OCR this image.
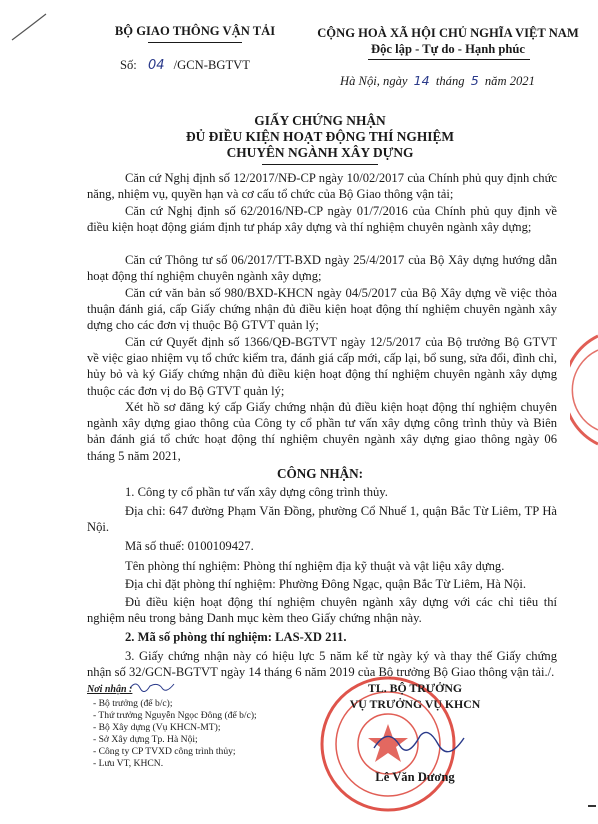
BỘ GIAO THÔNG VẬN TẢI
Số: 04 /GCN-BGTVT
CỘNG HOÀ XÃ HỘI CHỦ NGHĨA VIỆT NAM
Độc lập - Tự do - Hạnh phúc
Hà Nội, ngày 14 tháng 5 năm 2021
GIẤY CHỨNG NHẬN
ĐỦ ĐIỀU KIỆN HOẠT ĐỘNG THÍ NGHIỆM
CHUYÊN NGÀNH XÂY DỰNG
Căn cứ Nghị định số 12/2017/NĐ-CP ngày 10/02/2017 của Chính phủ quy định chức năng, nhiệm vụ, quyền hạn và cơ cấu tổ chức của Bộ Giao thông vận tải;
Căn cứ Nghị định số 62/2016/NĐ-CP ngày 01/7/2016 của Chính phủ quy định về điều kiện hoạt động giám định tư pháp xây dựng và thí nghiệm chuyên ngành xây dựng;
Căn cứ Thông tư số 06/2017/TT-BXD ngày 25/4/2017 của Bộ Xây dựng hướng dẫn hoạt động thí nghiệm chuyên ngành xây dựng;
Căn cứ văn bản số 980/BXD-KHCN ngày 04/5/2017 của Bộ Xây dựng về việc thỏa thuận đánh giá, cấp Giấy chứng nhận đủ điều kiện hoạt động thí nghiệm chuyên ngành xây dựng cho các đơn vị thuộc Bộ GTVT quản lý;
Căn cứ Quyết định số 1366/QĐ-BGTVT ngày 12/5/2017 của Bộ trưởng Bộ GTVT về việc giao nhiệm vụ tổ chức kiểm tra, đánh giá cấp mới, cấp lại, bổ sung, sửa đổi, đình chỉ, hủy bỏ và ký Giấy chứng nhận đủ điều kiện hoạt động thí nghiệm chuyên ngành xây dựng thuộc các đơn vị do Bộ GTVT quản lý;
Xét hồ sơ đăng ký cấp Giấy chứng nhận đủ điều kiện hoạt động thí nghiệm chuyên ngành xây dựng giao thông của Công ty cổ phần tư vấn xây dựng công trình thủy và Biên bản đánh giá tổ chức hoạt động thí nghiệm chuyên ngành xây dựng giao thông ngày 06 tháng 5 năm 2021,
CÔNG NHẬN:
1. Công ty cổ phần tư vấn xây dựng công trình thủy.
Địa chỉ: 647 đường Phạm Văn Đồng, phường Cổ Nhuế 1, quận Bắc Từ Liêm, TP Hà Nội.
Mã số thuế: 0100109427.
Tên phòng thí nghiệm: Phòng thí nghiệm địa kỹ thuật và vật liệu xây dựng.
Địa chỉ đặt phòng thí nghiệm: Phường Đông Ngạc, quận Bắc Từ Liêm, Hà Nội.
Đủ điều kiện hoạt động thí nghiệm chuyên ngành xây dựng với các chỉ tiêu thí nghiệm nêu trong bảng Danh mục kèm theo Giấy chứng nhận này.
2. Mã số phòng thí nghiệm: LAS-XD 211.
3. Giấy chứng nhận này có hiệu lực 5 năm kể từ ngày ký và thay thế Giấy chứng nhận số 32/GCN-BGTVT ngày 14 tháng 6 năm 2019 của Bộ trưởng Bộ Giao thông vận tải./.
Nơi nhận :
- Bộ trưởng (để b/c);
- Thứ trưởng Nguyễn Ngọc Đông (để b/c);
- Bộ Xây dựng (Vụ KHCN-MT);
- Sở Xây dựng Tp. Hà Nội;
- Công ty CP TVXD công trình thủy;
- Lưu VT, KHCN.
TL. BỘ TRƯỞNG
VỤ TRƯỞNG VỤ KHCN
Lê Văn Dương
